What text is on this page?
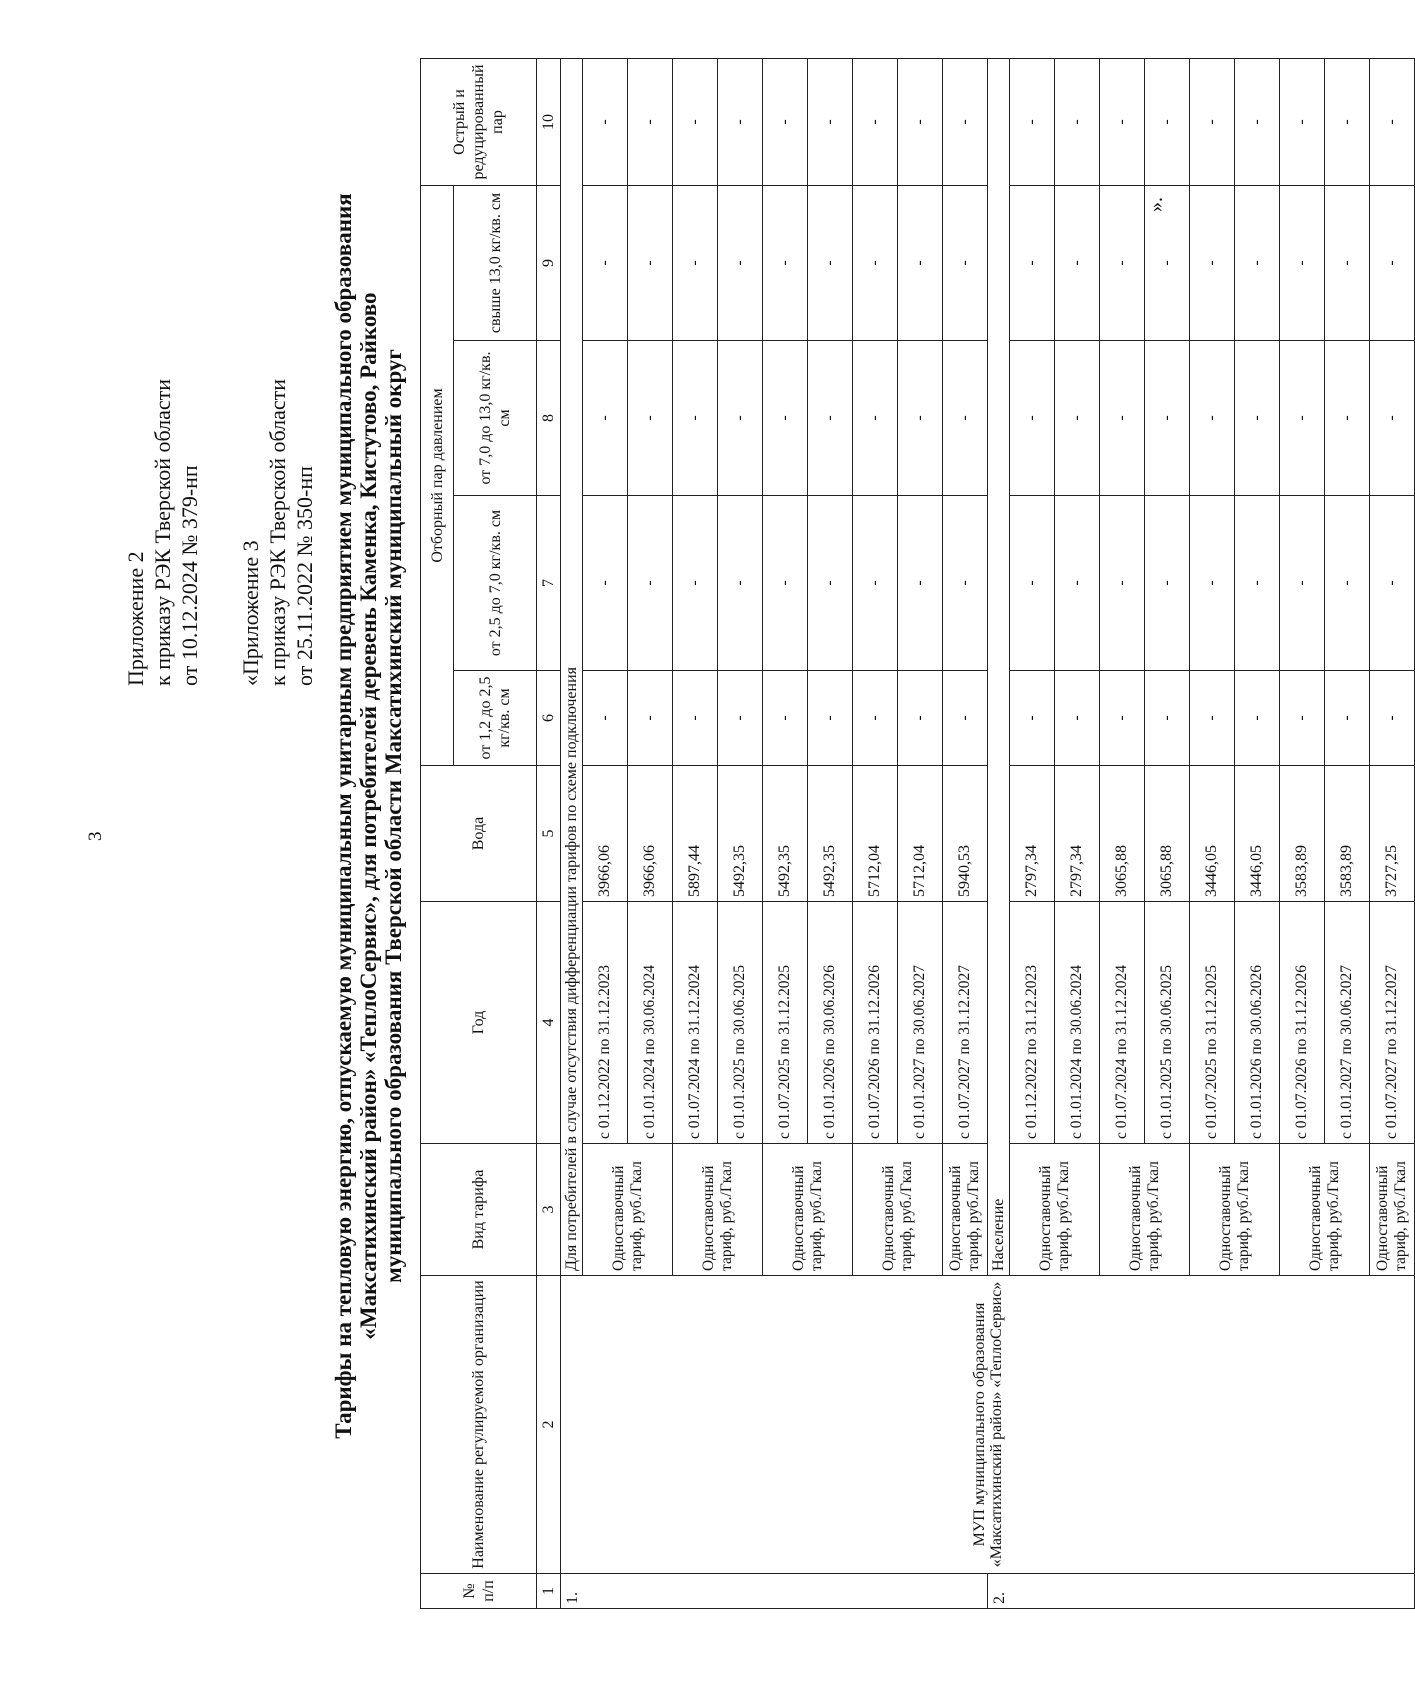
3
Приложение 2 к приказу РЭК Тверской области от 10.12.2024 № 379-нп «Приложение 3 к приказу РЭК Тверской области от 25.11.2022 № 350-нп Тарифы на тепловую энергию, отпускаемую муниципальным унитарным предприятием муниципального образования «Максатихинский район» «ТеплоСервис», для потребителей деревень Каменка, Кистутово, Райково муниципального образования Тверской области Максатихинский муниципальный округ
№ п/п	Наименование регулируемой организации	Вид тарифа	Год	Вода	Отборный пар давлением				Острый и редуцированный пар
					от 1,2 до 2,5 кг/кв. см	от 2,5 до 7,0 кг/кв. см	от 7,0 до 13,0 кг/кв. см	свыше 13,0 кг/кв. см	
1	2	3	4	5	6	7	8	9	10
1.	МУП муниципального образования «Максатихинский район» «ТеплоСервис»	Для потребителей в случае отсутствия дифференциации тарифов по схеме подключения							
		Одноставочный тариф, руб./Гкал	с 01.12.2022 по 31.12.2023	3966,06	-	-	-	-	-
			с 01.01.2024 по 30.06.2024	3966,06	-	-	-	-	-
		Одноставочный тариф, руб./Гкал	с 01.07.2024 по 31.12.2024	5897,44	-	-	-	-	-
			с 01.01.2025 по 30.06.2025	5492,35	-	-	-	-	-
		Одноставочный тариф, руб./Гкал	с 01.07.2025 по 31.12.2025	5492,35	-	-	-	-	-
			с 01.01.2026 по 30.06.2026	5492,35	-	-	-	-	-
		Одноставочный тариф, руб./Гкал	с 01.07.2026 по 31.12.2026	5712,04	-	-	-	-	-
			с 01.01.2027 по 30.06.2027	5712,04	-	-	-	-	-
		Одноставочный тариф, руб./Гкал	с 01.07.2027 по 31.12.2027	5940,53	-	-	-	-	-
2.		Население							
		Одноставочный тариф, руб./Гкал	с 01.12.2022 по 31.12.2023	2797,34	-	-	-	-	-
			с 01.01.2024 по 30.06.2024	2797,34	-	-	-	-	-
		Одноставочный тариф, руб./Гкал	с 01.07.2024 по 31.12.2024	3065,88	-	-	-	-	-
			с 01.01.2025 по 30.06.2025	3065,88	-	-	-	-	-
		Одноставочный тариф, руб./Гкал	с 01.07.2025 по 31.12.2025	3446,05	-	-	-	-	-
			с 01.01.2026 по 30.06.2026	3446,05	-	-	-	-	-
		Одноставочный тариф, руб./Гкал	с 01.07.2026 по 31.12.2026	3583,89	-	-	-	-	-
			с 01.01.2027 по 30.06.2027	3583,89	-	-	-	-	-
		Одноставочный тариф, руб./Гкал	с 01.07.2027 по 31.12.2027	3727,25	-	-	-	-	-
».
